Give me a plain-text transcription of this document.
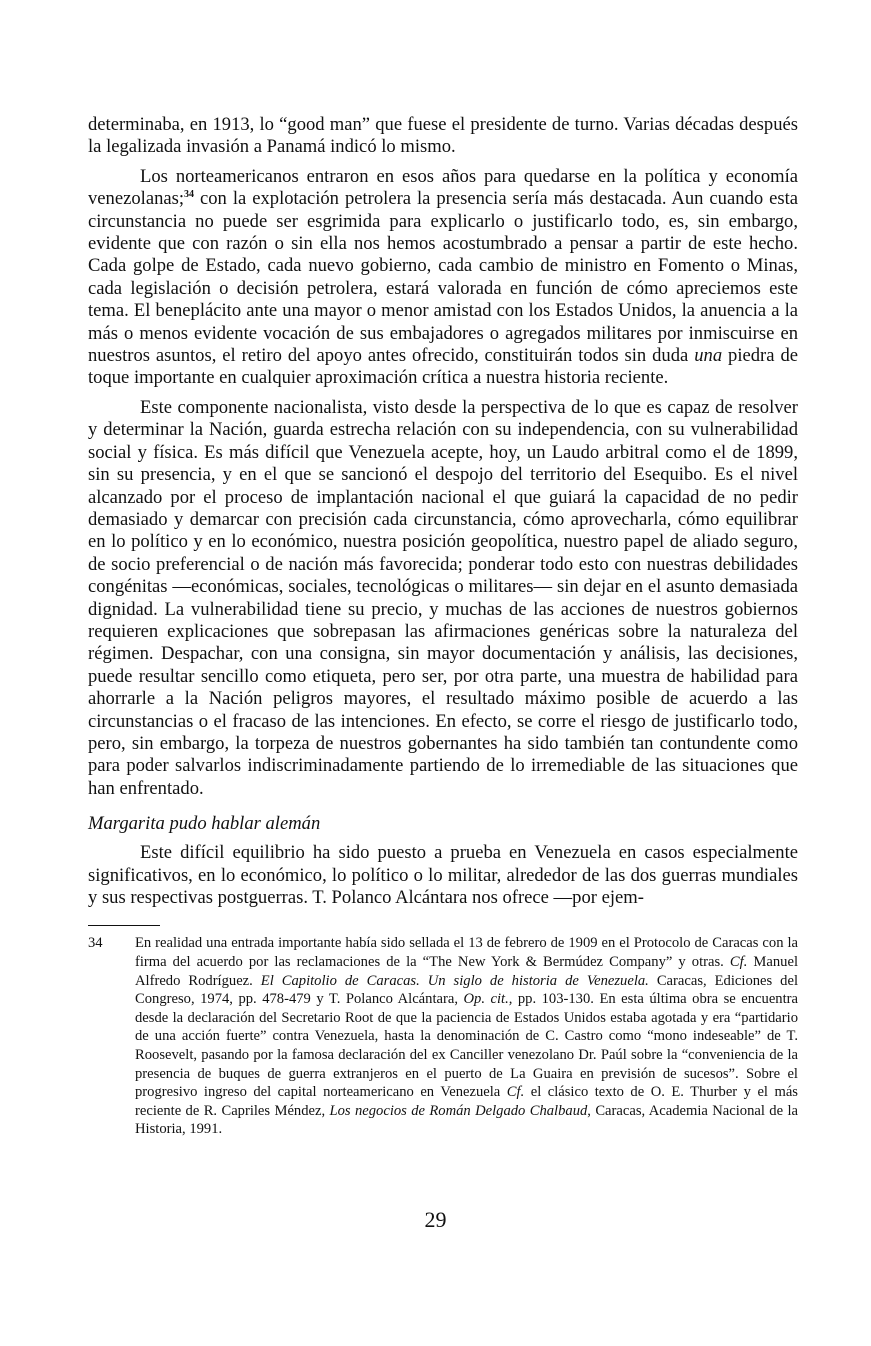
determinaba, en 1913, lo “good man” que fuese el presidente de turno. Varias décadas después la legalizada invasión a Panamá indicó lo mismo.

Los norteamericanos entraron en esos años para quedarse en la política y economía venezolanas;$^{34}$ con la explotación petrolera la presencia sería más destacada. Aun cuando esta circunstancia no puede ser esgrimida para explicarlo o justificarlo todo, es, sin embargo, evidente que con razón o sin ella nos hemos acostumbrado a pensar a partir de este hecho. Cada golpe de Estado, cada nuevo gobierno, cada cambio de ministro en Fomento o Minas, cada legislación o decisión petrolera, estará valorada en función de cómo apreciemos este tema. El beneplácito ante una mayor o menor amistad con los Estados Unidos, la anuencia a la más o menos evidente vocación de sus embajadores o agregados militares por inmiscuirse en nuestros asuntos, el retiro del apoyo antes ofrecido, constituirán todos sin duda una piedra de toque importante en cualquier aproximación crítica a nuestra historia reciente.

Este componente nacionalista, visto desde la perspectiva de lo que es capaz de resolver y determinar la Nación, guarda estrecha relación con su independencia, con su vulnerabilidad social y física. Es más difícil que Venezuela acepte, hoy, un Laudo arbitral como el de 1899, sin su presencia, y en el que se sancionó el despojo del territorio del Esequibo. Es el nivel alcanzado por el proceso de implantación nacional el que guiará la capacidad de no pedir demasiado y demarcar con precisión cada circunstancia, cómo aprovecharla, cómo equilibrar en lo político y en lo económico, nuestra posición geopolítica, nuestro papel de aliado seguro, de socio preferencial o de nación más favorecida; ponderar todo esto con nuestras debilidades congénitas —económicas, sociales, tecnológicas o militares— sin dejar en el asunto demasiada dignidad. La vulnerabilidad tiene su precio, y muchas de las acciones de nuestros gobiernos requieren explicaciones que sobrepasan las afirmaciones genéricas sobre la naturaleza del régimen. Despachar, con una consigna, sin mayor documentación y análisis, las decisiones, puede resultar sencillo como etiqueta, pero ser, por otra parte, una muestra de habilidad para ahorrarle a la Nación peligros mayores, el resultado máximo posible de acuerdo a las circunstancias o el fracaso de las intenciones. En efecto, se corre el riesgo de justificarlo todo, pero, sin embargo, la torpeza de nuestros gobernantes ha sido también tan contundente como para poder salvarlos indiscriminadamente partiendo de lo irremediable de las situaciones que han enfrentado.

Margarita pudo hablar alemán

Este difícil equilibrio ha sido puesto a prueba en Venezuela en casos especialmente significativos, en lo económico, lo político o lo militar, alrededor de las dos guerras mundiales y sus respectivas postguerras. T. Polanco Alcántara nos ofrece —por ejem-

34	En realidad una entrada importante había sido sellada el 13 de febrero de 1909 en el Protocolo de Caracas con la firma del acuerdo por las reclamaciones de la “The New York & Bermúdez Company” y otras. Cf. Manuel Alfredo Rodríguez. El Capitolio de Caracas. Un siglo de historia de Venezuela. Caracas, Ediciones del Congreso, 1974, pp. 478-479 y T. Polanco Alcántara, Op. cit., pp. 103-130. En esta última obra se encuentra desde la declaración del Secretario Root de que la paciencia de Estados Unidos estaba agotada y era “partidario de una acción fuerte” contra Venezuela, hasta la denominación de C. Castro como “mono indeseable” de T. Roosevelt, pasando por la famosa declaración del ex Canciller venezolano Dr. Paúl sobre la “conveniencia de la presencia de buques de guerra extranjeros en el puerto de La Guaira en previsión de sucesos”. Sobre el progresivo ingreso del capital norteamericano en Venezuela Cf. el clásico texto de O. E. Thurber y el más reciente de R. Capriles Méndez, Los negocios de Román Delgado Chalbaud, Caracas, Academia Nacional de la Historia, 1991.
29
